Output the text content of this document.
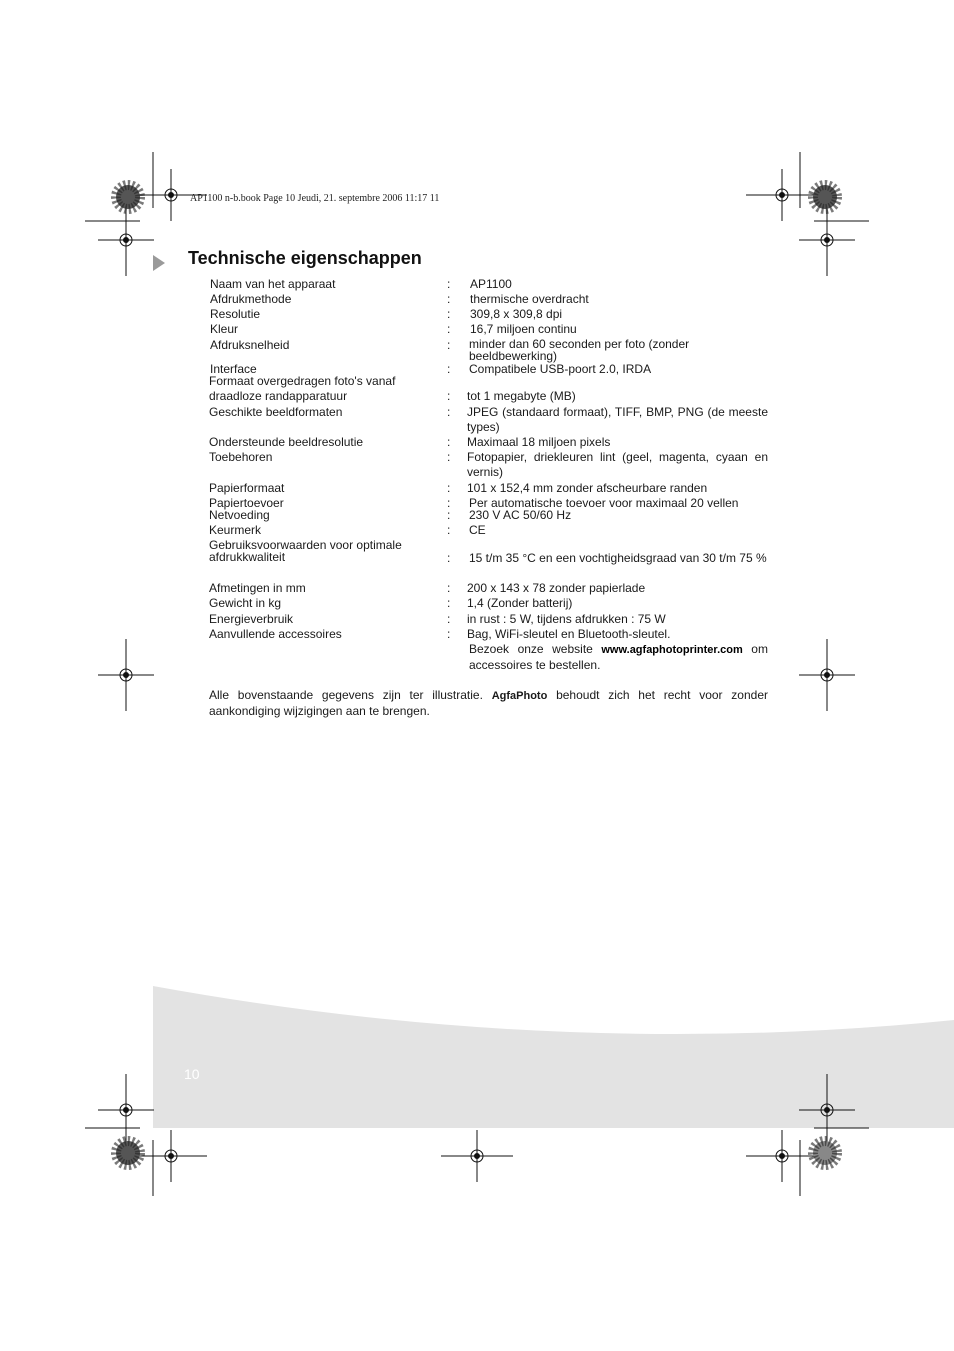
AP1100 n-b.book Page 10 Jeudi, 21. septembre 2006 11:17 11
Technische eigenschappen
Naam van het apparaat	: AP1100
Afdrukmethode	: thermische overdracht
Resolutie	: 309,8 x 309,8 dpi
Kleur	: 16,7 miljoen continu
Afdruksnelheid	: minder dan 60 seconden per foto (zonder beeldbewerking)
Interface	: Compatibele USB-poort 2.0, IRDA
Formaat overgedragen foto's vanaf draadloze randapparatuur	: tot 1 megabyte (MB)
Geschikte beeldformaten	: JPEG (standaard formaat), TIFF, BMP, PNG (de meeste types)
Ondersteunde beeldresolutie	: Maximaal 18 miljoen pixels
Toebehoren	: Fotopapier, driekleuren lint (geel, magenta, cyaan en vernis)
Papierformaat	: 101 x 152,4 mm zonder afscheurbare randen
Papiertoevoer	: Per automatische toevoer voor maximaal 20 vellen
Netvoeding	: 230 V AC 50/60 Hz
Keurmerk	: CE
Gebruiksvoorwaarden voor optimale afdrukkwaliteit	: 15 t/m 35 °C en een vochtigheidsgraad van 30 t/m 75 %
Afmetingen in mm	: 200 x 143 x 78 zonder papierlade
Gewicht in kg	: 1,4 (Zonder batterij)
Energieverbruik	: in rust : 5 W, tijdens afdrukken : 75 W
Aanvullende accessoires	: Bag, WiFi-sleutel en Bluetooth-sleutel.
Bezoek onze website www.agfaphotoprinter.com om accessoires te bestellen.
Alle bovenstaande gegevens zijn ter illustratie. AgfaPhoto behoudt zich het recht voor zonder aankondiging wijzigingen aan te brengen.
10
